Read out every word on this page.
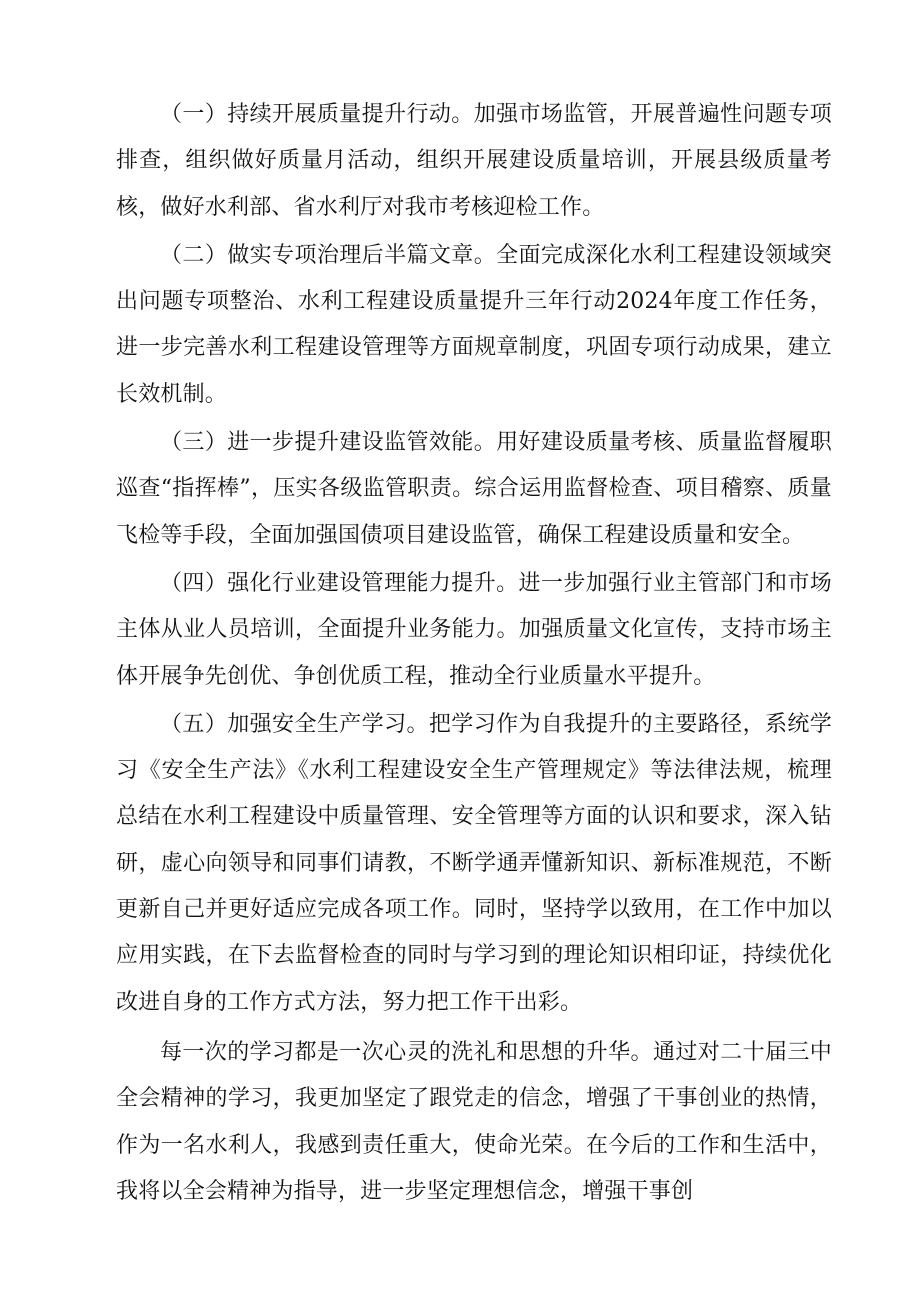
（一）持续开展质量提升行动。加强市场监管，开展普遍性问题专项排查，组织做好质量月活动，组织开展建设质量培训，开展县级质量考核，做好水利部、省水利厅对我市考核迎检工作。

（二）做实专项治理后半篇文章。全面完成深化水利工程建设领域突出问题专项整治、水利工程建设质量提升三年行动2024年度工作任务，进一步完善水利工程建设管理等方面规章制度，巩固专项行动成果，建立长效机制。

（三）进一步提升建设监管效能。用好建设质量考核、质量监督履职巡查“指挥棒”，压实各级监管职责。综合运用监督检查、项目稽察、质量飞检等手段，全面加强国债项目建设监管，确保工程建设质量和安全。

（四）强化行业建设管理能力提升。进一步加强行业主管部门和市场主体从业人员培训，全面提升业务能力。加强质量文化宣传，支持市场主体开展争先创优、争创优质工程，推动全行业质量水平提升。

（五）加强安全生产学习。把学习作为自我提升的主要路径，系统学习《安全生产法》《水利工程建设安全生产管理规定》等法律法规，梳理总结在水利工程建设中质量管理、安全管理等方面的认识和要求，深入钻研，虚心向领导和同事们请教，不断学通弄懂新知识、新标准规范，不断更新自己并更好适应完成各项工作。同时，坚持学以致用，在工作中加以应用实践，在下去监督检查的同时与学习到的理论知识相印证，持续优化改进自身的工作方式方法，努力把工作干出彩。

每一次的学习都是一次心灵的洗礼和思想的升华。通过对二十届三中全会精神的学习，我更加坚定了跟党走的信念，增强了干事创业的热情，作为一名水利人，我感到责任重大，使命光荣。在今后的工作和生活中，我将以全会精神为指导，进一步坚定理想信念，增强干事创
